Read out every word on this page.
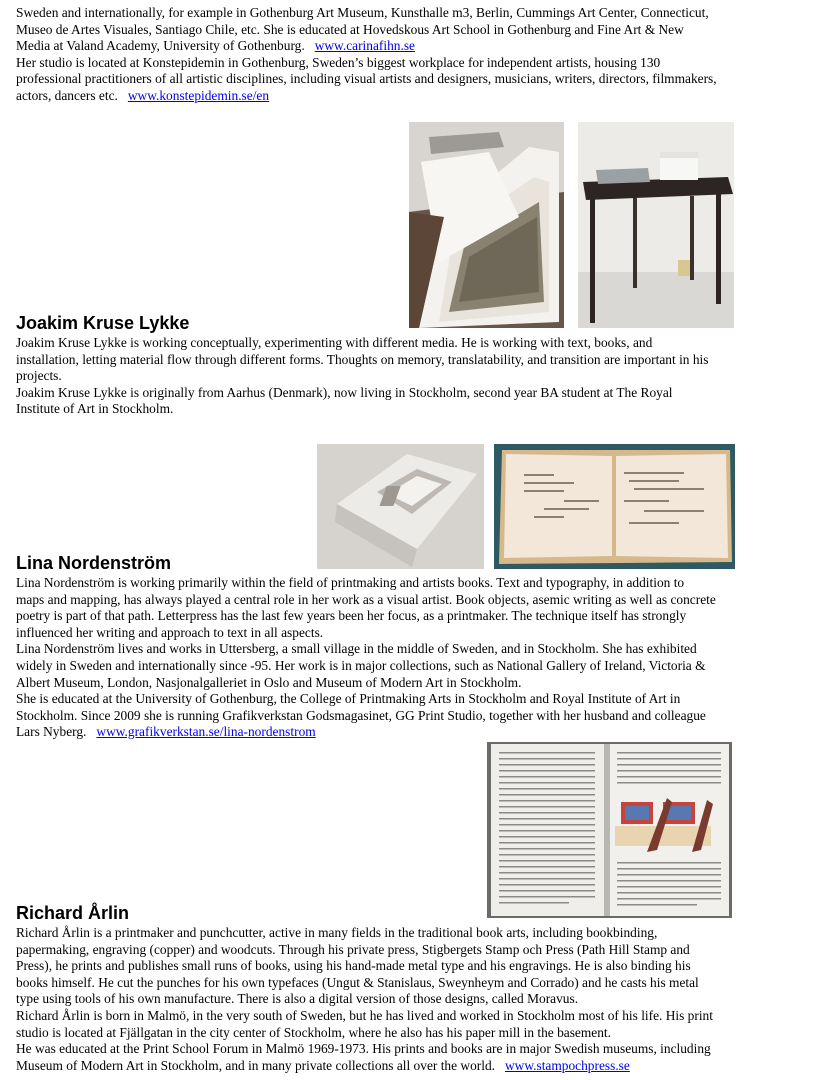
Sweden and internationally, for example in Gothenburg Art Museum, Kunsthalle m3, Berlin, Cummings Art Center, Connecticut,

Museo de Artes Visuales, Santiago Chile, etc. She is educated at Hovedskous Art School in Gothenburg and Fine Art & New

Media at Valand Academy, University of Gothenburg. www.carinafihn.se

Her studio is located at Konstepidemin in Gothenburg, Sweden’s biggest workplace for independent artists, housing 130

professional practitioners of all artistic disciplines, including visual artists and designers, musicians, writers, directors, filmmakers,

actors, dancers etc. www.konstepidemin.se/en

Joakim Kruse Lykke

Joakim Kruse Lykke is working conceptually, experimenting with different media. He is working with text, books, and

installation, letting material flow through different forms. Thoughts on memory, translatability, and transition are important in his

projects.

Joakim Kruse Lykke is originally from Aarhus (Denmark), now living in Stockholm, second year BA student at The Royal

Institute of Art in Stockholm.

Lina Nordenström

Lina Nordenström is working primarily within the field of printmaking and artists books. Text and typography, in addition to

maps and mapping, has always played a central role in her work as a visual artist. Book objects, asemic writing as well as concrete

poetry is part of that path. Letterpress has the last few years been her focus, as a printmaker. The technique itself has strongly

influenced her writing and approach to text in all aspects.

Lina Nordenström lives and works in Uttersberg, a small village in the middle of Sweden, and in Stockholm. She has exhibited

widely in Sweden and internationally since -95. Her work is in major collections, such as National Gallery of Ireland, Victoria &

Albert Museum, London, Nasjonalgalleriet in Oslo and Museum of Modern Art in Stockholm.

She is educated at the University of Gothenburg, the College of Printmaking Arts in Stockholm and Royal Institute of Art in

Stockholm. Since 2009 she is running Grafikverkstan Godsmagasinet, GG Print Studio, together with her husband and colleague

Lars Nyberg. www.grafikverkstan.se/lina-nordenstrom

Richard Årlin

Richard Årlin is a printmaker and punchcutter, active in many fields in the traditional book arts, including bookbinding,

papermaking, engraving (copper) and woodcuts. Through his private press, Stigbergets Stamp och Press (Path Hill Stamp and

Press), he prints and publishes small runs of books, using his hand-made metal type and his engravings. He is also binding his

books himself. He cut the punches for his own typefaces (Ungut & Stanislaus, Sweynheym and Corrado) and he casts his metal

type using tools of his own manufacture. There is also a digital version of those designs, called Moravus.

Richard Årlin is born in Malmö, in the very south of Sweden, but he has lived and worked in Stockholm most of his life. His print

studio is located at Fjällgatan in the city center of Stockholm, where he also has his paper mill in the basement.

He was educated at the Print School Forum in Malmö 1969-1973. His prints and books are in major Swedish museums, including

Museum of Modern Art in Stockholm, and in many private collections all over the world. www.stampochpress.se
